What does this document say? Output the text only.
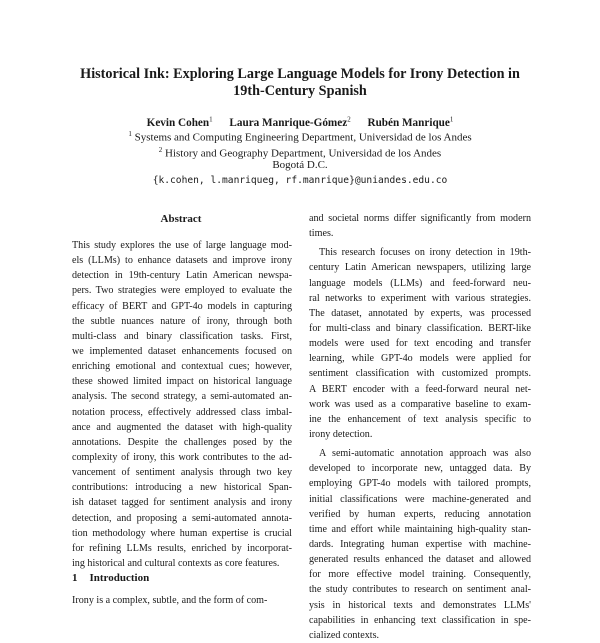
Historical Ink: Exploring Large Language Models for Irony Detection in
19th-Century Spanish
Kevin Cohen$^1$ Laura Manrique-Gómez$^2$ Rubén Manrique$^1$
$^1$ Systems and Computing Engineering Department, Universidad de los Andes
$^2$ History and Geography Department, Universidad de los Andes
Bogotá D.C.
{k.cohen, l.manriqueg, rf.manrique}@uniandes.edu.co
Abstract
This study explores the use of large language mod-
els (LLMs) to enhance datasets and improve irony
detection in 19th-century Latin American newspa-
pers. Two strategies were employed to evaluate the
efficacy of BERT and GPT-4o models in capturing
the subtle nuances nature of irony, through both
multi-class and binary classification tasks. First,
we implemented dataset enhancements focused on
enriching emotional and contextual cues; however,
these showed limited impact on historical language
analysis. The second strategy, a semi-automated an-
notation process, effectively addressed class imbal-
ance and augmented the dataset with high-quality
annotations. Despite the challenges posed by the
complexity of irony, this work contributes to the ad-
vancement of sentiment analysis through two key
contributions: introducing a new historical Span-
ish dataset tagged for sentiment analysis and irony
detection, and proposing a semi-automated annota-
tion methodology where human expertise is crucial
for refining LLMs results, enriched by incorporat-
ing historical and cultural contexts as core features.
1 Introduction
Irony is a complex, subtle, and the form of com-
and societal norms differ significantly from modern
times.
This research focuses on irony detection in 19th-
century Latin American newspapers, utilizing large
language models (LLMs) and feed-forward neu-
ral networks to experiment with various strategies.
The dataset, annotated by experts, was processed
for multi-class and binary classification. BERT-like
models were used for text encoding and transfer
learning, while GPT-4o models were applied for
sentiment classification with customized prompts.
A BERT encoder with a feed-forward neural net-
work was used as a comparative baseline to exam-
ine the enhancement of text analysis specific to
irony detection.
A semi-automatic annotation approach was also
developed to incorporate new, untagged data. By
employing GPT-4o models with tailored prompts,
initial classifications were machine-generated and
verified by human experts, reducing annotation
time and effort while maintaining high-quality stan-
dards. Integrating human expertise with machine-
generated results enhanced the dataset and allowed
for more effective model training. Consequently,
the study contributes to research on sentiment anal-
ysis in historical texts and demonstrates LLMs'
capabilities in enhancing text classification in spe-
cialized contexts.
